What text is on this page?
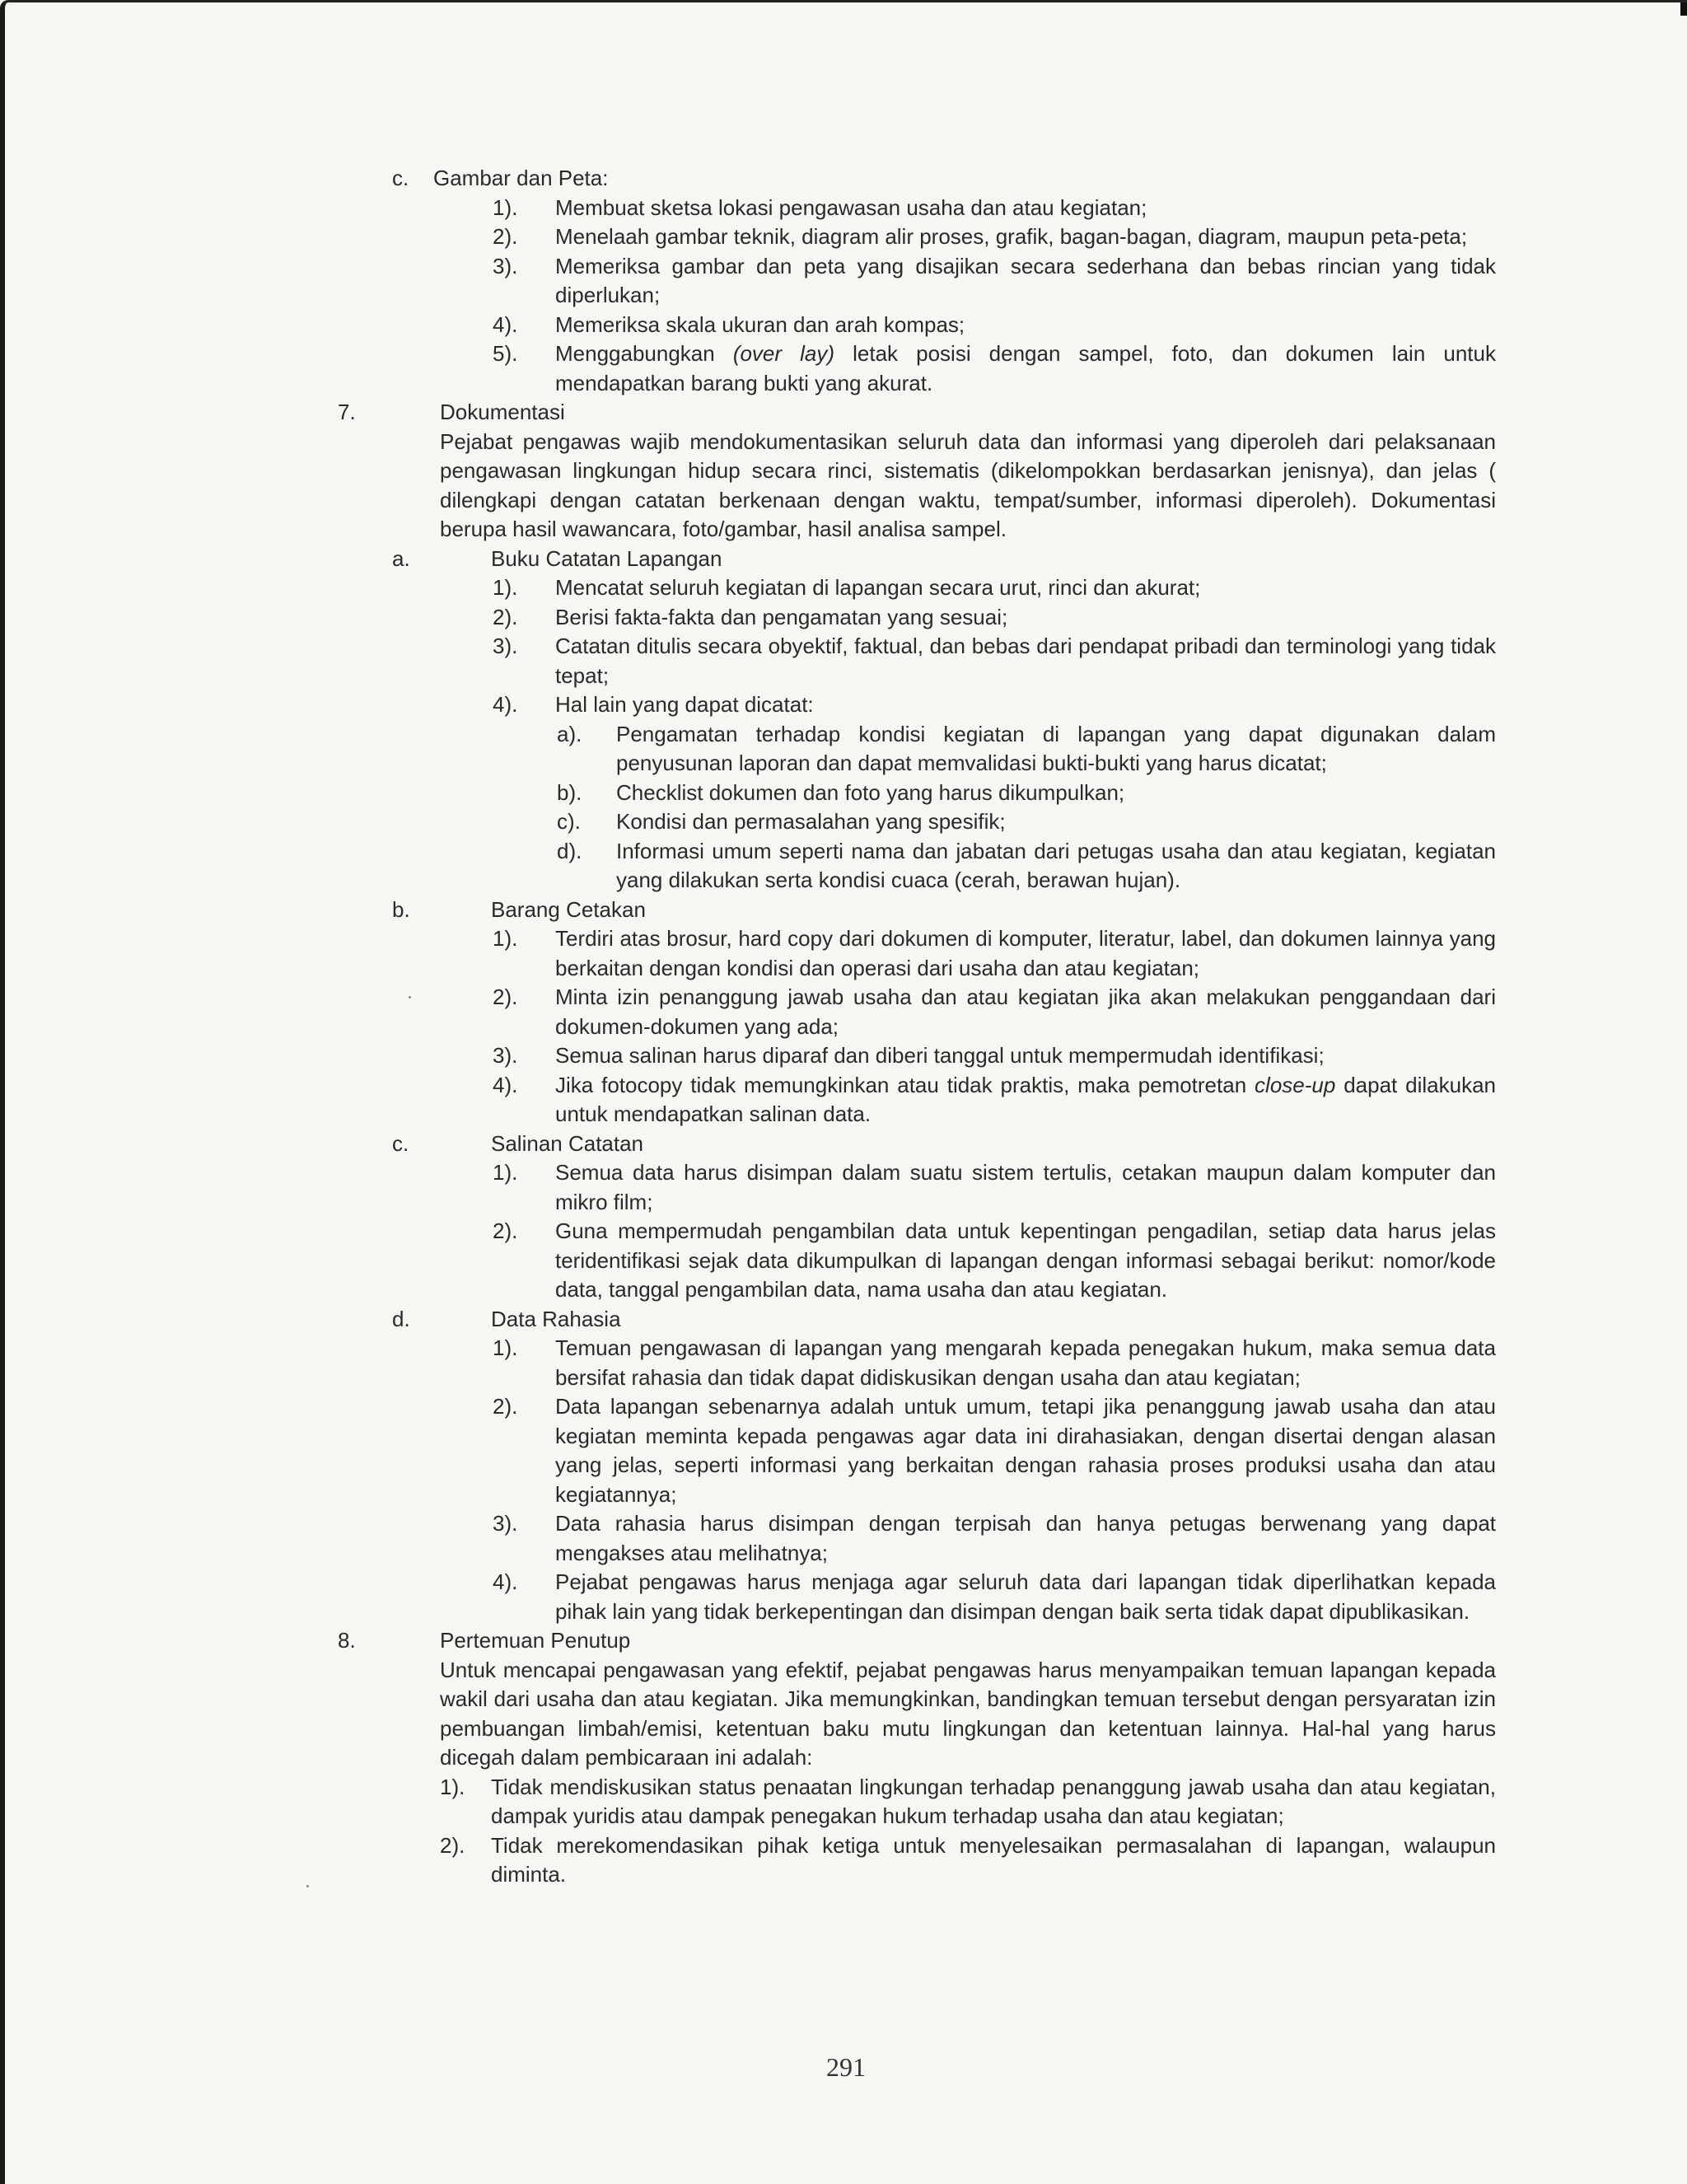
c. Gambar dan Peta:
1). Membuat sketsa lokasi pengawasan usaha dan atau kegiatan;
2). Menelaah gambar teknik, diagram alir proses, grafik, bagan-bagan, diagram, maupun peta-peta;
3). Memeriksa gambar dan peta yang disajikan secara sederhana dan bebas rincian yang tidak diperlukan;
4). Memeriksa skala ukuran dan arah kompas;
5). Menggabungkan (over lay) letak posisi dengan sampel, foto, dan dokumen lain untuk mendapatkan barang bukti yang akurat.
7.	Dokumentasi
Pejabat pengawas wajib mendokumentasikan seluruh data dan informasi yang diperoleh dari pelaksanaan pengawasan lingkungan hidup secara rinci, sistematis (dikelompokkan berdasarkan jenisnya), dan jelas ( dilengkapi dengan catatan berkenaan dengan waktu, tempat/sumber, informasi diperoleh). Dokumentasi berupa hasil wawancara, foto/gambar, hasil analisa sampel.
a.	Buku Catatan Lapangan
1). Mencatat seluruh kegiatan di lapangan secara urut, rinci dan akurat;
2). Berisi fakta-fakta dan pengamatan yang sesuai;
3). Catatan ditulis secara obyektif, faktual, dan bebas dari pendapat pribadi dan terminologi yang tidak tepat;
4). Hal lain yang dapat dicatat:
a). Pengamatan terhadap kondisi kegiatan di lapangan yang dapat digunakan dalam penyusunan laporan dan dapat memvalidasi bukti-bukti yang harus dicatat;
b). Checklist dokumen dan foto yang harus dikumpulkan;
c). Kondisi dan permasalahan yang spesifik;
d). Informasi umum seperti nama dan jabatan dari petugas usaha dan atau kegiatan, kegiatan yang dilakukan serta kondisi cuaca (cerah, berawan hujan).
b.	Barang Cetakan
1). Terdiri atas brosur, hard copy dari dokumen di komputer, literatur, label, dan dokumen lainnya yang berkaitan dengan kondisi dan operasi dari usaha dan atau kegiatan;
2). Minta izin penanggung jawab usaha dan atau kegiatan jika akan melakukan penggandaan dari dokumen-dokumen yang ada;
3). Semua salinan harus diparaf dan diberi tanggal untuk mempermudah identifikasi;
4). Jika fotocopy tidak memungkinkan atau tidak praktis, maka pemotretan close-up dapat dilakukan untuk mendapatkan salinan data.
c.	Salinan Catatan
1). Semua data harus disimpan dalam suatu sistem tertulis, cetakan maupun dalam komputer dan mikro film;
2). Guna mempermudah pengambilan data untuk kepentingan pengadilan, setiap data harus jelas teridentifikasi sejak data dikumpulkan di lapangan dengan informasi sebagai berikut: nomor/kode data, tanggal pengambilan data, nama usaha dan atau kegiatan.
d.	Data Rahasia
1). Temuan pengawasan di lapangan yang mengarah kepada penegakan hukum, maka semua data bersifat rahasia dan tidak dapat didiskusikan dengan usaha dan atau kegiatan;
2). Data lapangan sebenarnya adalah untuk umum, tetapi jika penanggung jawab usaha dan atau kegiatan meminta kepada pengawas agar data ini dirahasiakan, dengan disertai dengan alasan yang jelas, seperti informasi yang berkaitan dengan rahasia proses produksi usaha dan atau kegiatannya;
3). Data rahasia harus disimpan dengan terpisah dan hanya petugas berwenang yang dapat mengakses atau melihatnya;
4). Pejabat pengawas harus menjaga agar seluruh data dari lapangan tidak diperlihatkan kepada pihak lain yang tidak berkepentingan dan disimpan dengan baik serta tidak dapat dipublikasikan.
8.	Pertemuan Penutup
Untuk mencapai pengawasan yang efektif, pejabat pengawas harus menyampaikan temuan lapangan kepada wakil dari usaha dan atau kegiatan. Jika memungkinkan, bandingkan temuan tersebut dengan persyaratan izin pembuangan limbah/emisi, ketentuan baku mutu lingkungan dan ketentuan lainnya. Hal-hal yang harus dicegah dalam pembicaraan ini adalah:
1). Tidak mendiskusikan status penaatan lingkungan terhadap penanggung jawab usaha dan atau kegiatan, dampak yuridis atau dampak penegakan hukum terhadap usaha dan atau kegiatan;
2). Tidak merekomendasikan pihak ketiga untuk menyelesaikan permasalahan di lapangan, walaupun diminta.
291
